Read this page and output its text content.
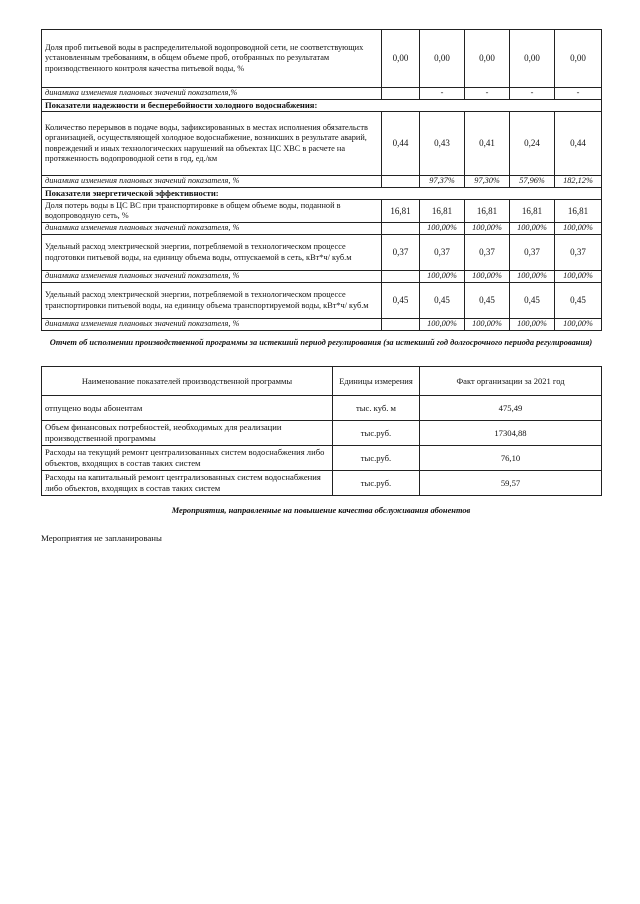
Доля проб питьевой воды в распределительной водопроводной сети, не соответствующих установленным требованиям, в общем объеме проб, отобранных по результатам производственного контроля качества питьевой воды, %	0,00	0,00	0,00	0,00	0,00
динамика изменения плановых значений показателя,%		-	-	-	-
Показатели надежности и бесперебойности холодного водоснабжения:					
Количество перерывов в подаче воды, зафиксированных в местах исполнения обязательств организацией, осуществляющей холодное водоснабжение, возникших в результате аварий, повреждений и иных технологических нарушений на объектах ЦС ХВС в расчете на протяженность водопроводной сети в год, ед./км	0,44	0,43	0,41	0,24	0,44
динамика изменения плановых значений показателя, %		97,37%	97,30%	57,96%	182,12%
Показатели энергетической эффективности:					
Доля потерь воды в ЦС ВС при транспортировке в общем объеме воды, поданной в водопроводную сеть, %	16,81	16,81	16,81	16,81	16,81
динамика изменения плановых значений показателя, %		100,00%	100,00%	100,00%	100,00%
Удельный расход электрической энергии, потребляемой в технологическом процессе подготовки питьевой воды, на единицу объема воды, отпускаемой в сеть, кВт*ч/ куб.м	0,37	0,37	0,37	0,37	0,37
динамика изменения плановых значений показателя, %		100,00%	100,00%	100,00%	100,00%
Удельный расход электрической энергии, потребляемой в технологическом процессе транспортировки питьевой воды, на единицу объема транспортируемой воды, кВт*ч/ куб.м	0,45	0,45	0,45	0,45	0,45
динамика изменения плановых значений показателя, %		100,00%	100,00%	100,00%	100,00%
Отчет об исполнении производственной программы за истекший период регулирования (за истекший год долгосрочного периода регулирования)
Наименование показателей производственной программы	Единицы измерения	Факт организации за 2021 год
отпущено воды абонентам	тыс. куб. м	475,49
Объем финансовых потребностей, необходимых для реализации производственной программы	тыс.руб.	17304,88
Расходы на текущий ремонт централизованных систем водоснабжения либо объектов, входящих в состав таких систем	тыс.руб.	76,10
Расходы на капитальный ремонт централизованных систем водоснабжения либо объектов, входящих в состав таких систем	тыс.руб.	59,57
Мероприятия, направленные на повышение качества обслуживания абонентов
Мероприятия не запланированы
